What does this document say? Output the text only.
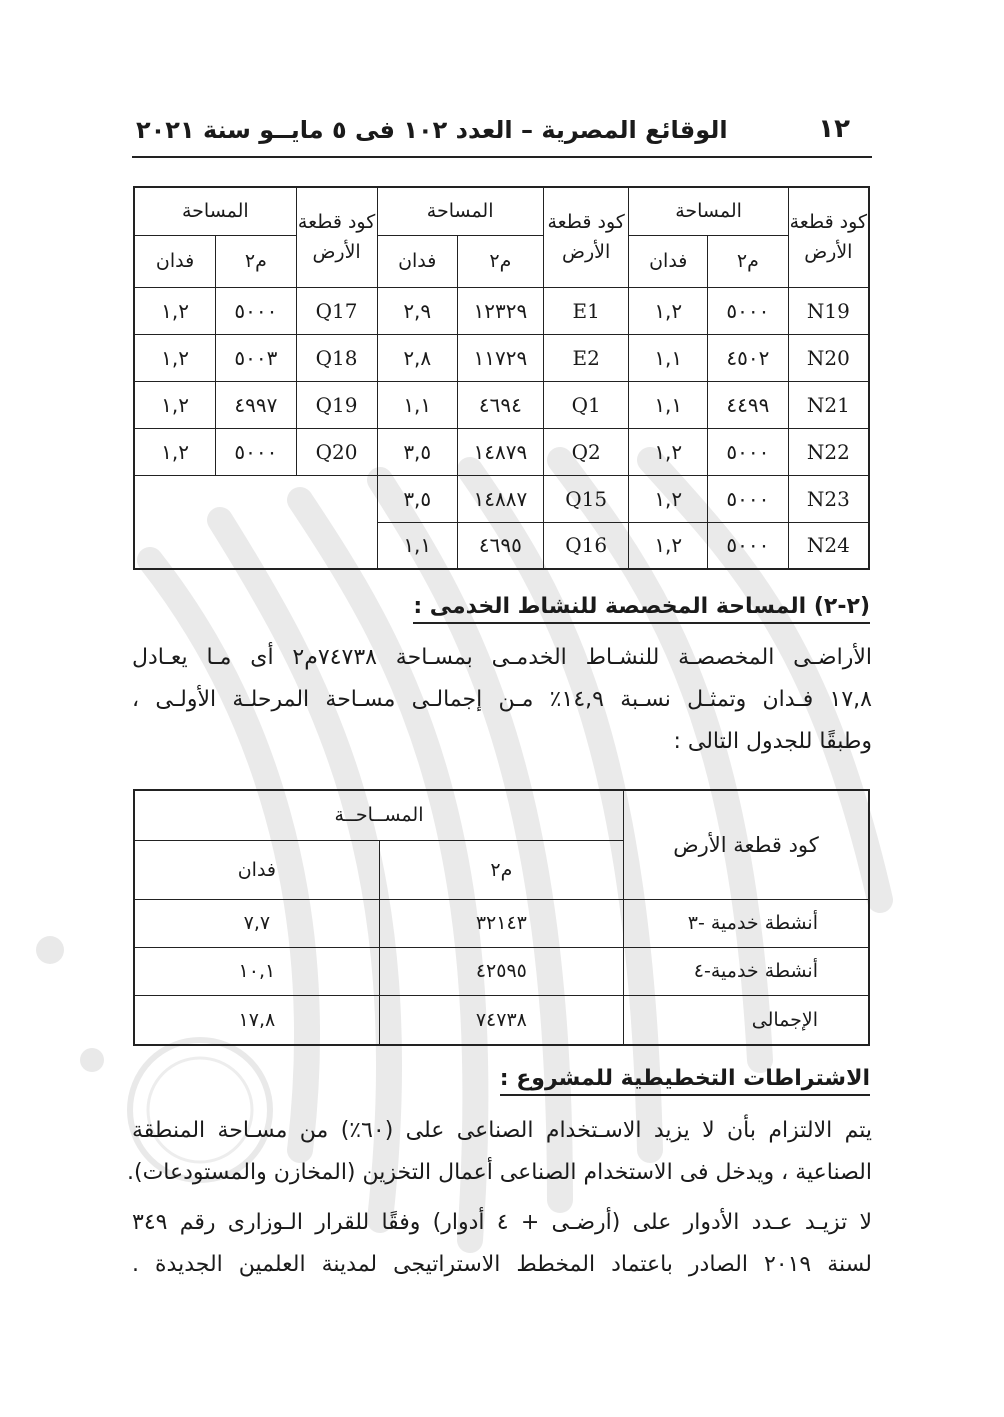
١٢
الوقائع المصرية – العدد ١٠٢ فى ٥ مايــو سنة ٢٠٢١
كود قطعة الأرض	المساحة		كود قطعة الأرض	المساحة		كود قطعة الأرض	المساحة	
	م٢	فدان		م٢	فدان		م٢	فدان
N19	٥٠٠٠	١,٢	E1	١٢٣٢٩	٢,٩	Q17	٥٠٠٠	١,٢
N20	٤٥٠٢	١,١	E2	١١٧٢٩	٢,٨	Q18	٥٠٠٣	١,٢
N21	٤٤٩٩	١,١	Q1	٤٦٩٤	١,١	Q19	٤٩٩٧	١,٢
N22	٥٠٠٠	١,٢	Q2	١٤٨٧٩	٣,٥	Q20	٥٠٠٠	١,٢
N23	٥٠٠٠	١,٢	Q15	١٤٨٨٧	٣,٥			
N24	٥٠٠٠	١,٢	Q16	٤٦٩٥	١,١			
(٢-٢) المساحة المخصصة للنشاط الخدمى :
الأراضـى المخصصـة للنشـاط الخدمـى بمسـاحة ٧٤٧٣٨م٢ أى مـا يعـادل
١٧,٨ فـدان وتمثـل نسـبة ١٤,٩٪ مـن إجمالـى مسـاحة المرحلـة الأولـى ،
وطبقًا للجدول التالى :
كود قطعة الأرض	المســاحــة	
	م٢	فدان
أنشطة خدمية -٣	٣٢١٤٣	٧,٧
أنشطة خدمية-٤	٤٢٥٩٥	١٠,١
الإجمالى	٧٤٧٣٨	١٧,٨
الاشتراطات التخطيطية للمشروع :
يتم الالتزام بأن لا يزيد الاسـتخدام الصناعى على (٦٠٪) من مسـاحة المنطقة
الصناعية ، ويدخل فى الاستخدام الصناعى أعمال التخزين (المخازن والمستودعات).
لا تزيـد عـدد الأدوار على (أرضـى + ٤ أدوار) وفقًا للقرار الـوزارى رقم ٣٤٩
لسنة ٢٠١٩ الصادر باعتماد المخطط الاستراتيجى لمدينة العلمين الجديدة .
